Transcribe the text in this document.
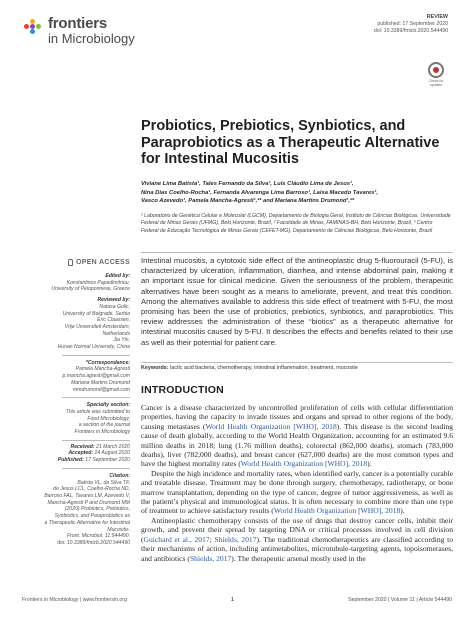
frontiers
in Microbiology
REVIEW
published: 17 September 2020
doi: 10.3389/fmicb.2020.544490
Check for updates
Probiotics, Prebiotics, Synbiotics, and Paraprobiotics as a Therapeutic Alternative for Intestinal Mucositis
Viviane Lima Batista¹, Tales Fernando da Silva¹, Luís Cláudio Lima de Jesus¹,
Nina Dias Coelho-Rocha¹, Fernanda Alvarenga Lima Barroso¹, Laisa Macedo Tavares¹,
Vasco Azevedo¹, Pamela Mancha-Agresti¹,²* and Mariana Martins Drumond¹,²*

¹ Laboratório de Genética Celular e Molecular (LGCM), Departamento de Biologia Geral, Instituto de Ciências Biológicas, Universidade Federal de Minas Gerais (UFMG), Belo Horizonte, Brazil, ² Faculdade de Minas, FAMINAS-BH, Belo Horizonte, Brazil, ³ Centro Federal de Educação Tecnológica de Minas Gerais (CEFET-MG), Departamento de Ciências Biológicas, Belo Horizonte, Brazil

OPEN ACCESS
Edited by:
Konstantinos Papadimitriou,
University of Peloponnese, Greece
Reviewed by:
Natasa Golic,
University of Belgrade, Serbia
Eric Claassen,
Vrije Universiteit Amsterdam,
Netherlands
Jia Yin,
Hunan Normal University, China
*Correspondence:
Pamela Mancha-Agresti
p.mancha.agresti@gmail.com
Mariana Martins Drumond
mmdrumond@gmail.com
Specialty section:
This article was submitted to
Food Microbiology,
a section of the journal
Frontiers in Microbiology
Received: 21 March 2020
Accepted: 24 August 2020
Published: 17 September 2020
Citation:
Batista VL, da Silva TF,
de Jesus LCL, Coelho-Rocha ND,
Barroso FAL, Tavares LM, Azevedo V,
Mancha-Agresti P and Drumond MM
(2020) Probiotics, Prebiotics,
Synbiotics, and Paraprobiotics as
a Therapeutic Alternative for Intestinal
Mucositis.
Front. Microbiol. 11:544490.
doi: 10.3389/fmicb.2020.544490

Intestinal mucositis, a cytotoxic side effect of the antineoplastic drug 5-fluorouracil (5-FU), is characterized by ulceration, inflammation, diarrhea, and intense abdominal pain, making it an important issue for clinical medicine. Given the seriousness of the problem, therapeutic alternatives have been sought as a means to ameliorate, prevent, and treat this condition. Among the alternatives available to address this side effect of treatment with 5-FU, the most promising has been the use of probiotics, prebiotics, synbiotics, and paraprobiotics. This review addresses the administration of these “biotics” as a therapeutic alternative for intestinal mucositis caused by 5-FU. It describes the effects and benefits related to their use as well as their potential for patient care.

Keywords: lactic acid bacteria, chemotherapy, intestinal inflammation, treatment, mucosite

INTRODUCTION

Cancer is a disease characterized by uncontrolled proliferation of cells with cellular differentiation properties, having the capacity to invade tissues and organs and spread to other regions of the body, causing metastases (World Health Organization [WHO], 2018). This disease is the second leading cause of death globally, according to the World Health Organization, accounting for an estimated 9.6 million deaths in 2018; lung (1.76 million deaths), colorectal (862,000 deaths), stomach (783,000 deaths), liver (782,000 deaths), and breast cancer (627,000 deaths) are the most common types and have the highest mortality rates (World Health Organization [WHO], 2018).

Despite the high incidence and mortality rates, when identified early, cancer is a potentially curable and treatable disease. Treatment may be done through surgery, chemotherapy, radiotherapy, or bone marrow transplantation, depending on the type of cancer, degree of tumor aggressiveness, as well as the patient’s physical and immunological status. It is often necessary to combine more than one type of treatment to achieve satisfactory results (World Health Organization [WHO], 2018).

Antineoplastic chemotherapy consists of the use of drugs that destroy cancer cells, inhibit their growth, and prevent their spread by targeting DNA or critical processes involved in cell division (Guichard et al., 2017; Shields, 2017). The traditional chemotherapeutics are classified according to their mechanisms of action, including antimetabolites, microtubule-targeting agents, topoisomerases, and antibiotics (Shields, 2017). The therapeutic arsenal mostly used in the

Frontiers in Microbiology | www.frontiersin.org	1	September 2020 | Volume 11 | Article 544490
